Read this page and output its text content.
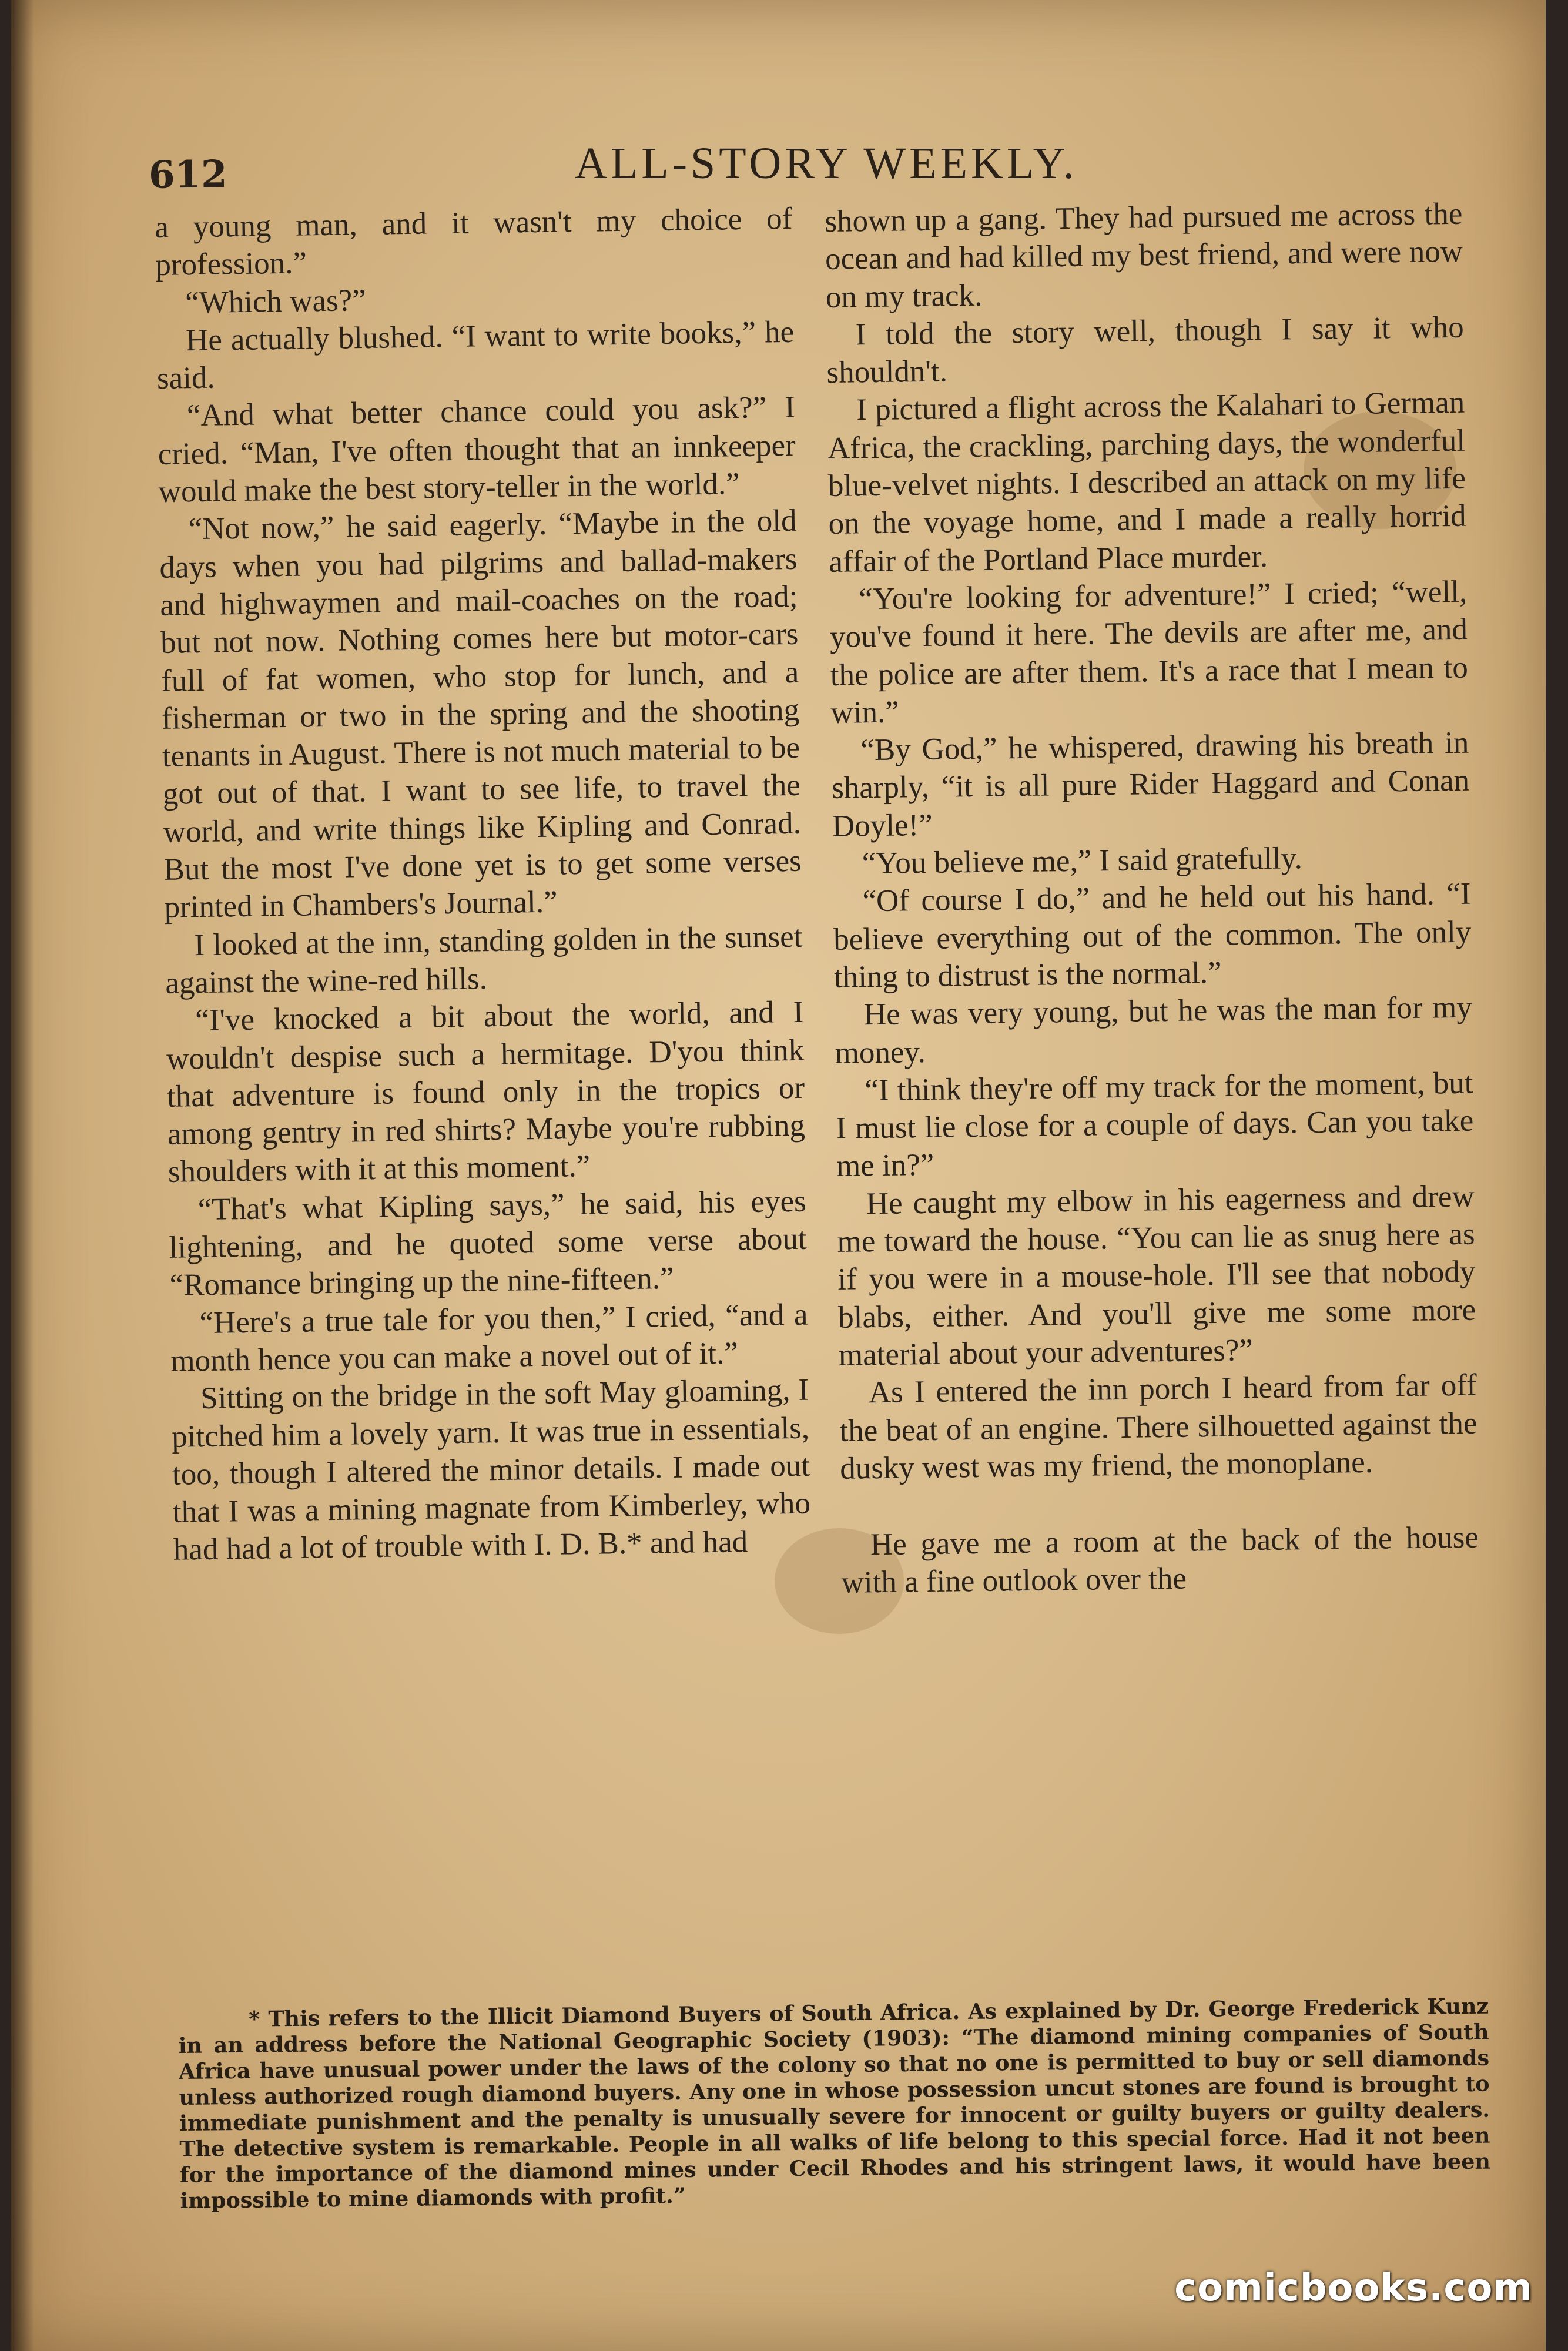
612	ALL-STORY WEEKLY.

a young man, and it wasn't my choice of profession.”

“Which was?”

He actually blushed. “I want to write books,” he said.

“And what better chance could you ask?” I cried. “Man, I've often thought that an innkeeper would make the best story-teller in the world.”

“Not now,” he said eagerly. “Maybe in the old days when you had pilgrims and ballad-makers and highwaymen and mail-coaches on the road; but not now. Nothing comes here but motor-cars full of fat women, who stop for lunch, and a fisherman or two in the spring and the shooting tenants in August. There is not much material to be got out of that. I want to see life, to travel the world, and write things like Kipling and Conrad. But the most I've done yet is to get some verses printed in Chambers's Journal.”

I looked at the inn, standing golden in the sunset against the wine-red hills.

“I've knocked a bit about the world, and I wouldn't despise such a hermitage. D'you think that adventure is found only in the tropics or among gentry in red shirts? Maybe you're rubbing shoulders with it at this moment.”

“That's what Kipling says,” he said, his eyes lightening, and he quoted some verse about “Romance bringing up the nine-fifteen.”

“Here's a true tale for you then,” I cried, “and a month hence you can make a novel out of it.”

Sitting on the bridge in the soft May gloaming, I pitched him a lovely yarn. It was true in essentials, too, though I altered the minor details. I made out that I was a mining magnate from Kimberley, who had had a lot of trouble with I. D. B.* and had

shown up a gang. They had pursued me across the ocean and had killed my best friend, and were now on my track.

I told the story well, though I say it who shouldn't.

I pictured a flight across the Kalahari to German Africa, the crackling, parching days, the wonderful blue-velvet nights. I described an attack on my life on the voyage home, and I made a really horrid affair of the Portland Place murder.

“You're looking for adventure!” I cried; “well, you've found it here. The devils are after me, and the police are after them. It's a race that I mean to win.”

“By God,” he whispered, drawing his breath in sharply, “it is all pure Rider Haggard and Conan Doyle!”

“You believe me,” I said gratefully.

“Of course I do,” and he held out his hand. “I believe everything out of the common. The only thing to distrust is the normal.”

He was very young, but he was the man for my money.

“I think they're off my track for the moment, but I must lie close for a couple of days. Can you take me in?”

He caught my elbow in his eagerness and drew me toward the house. “You can lie as snug here as if you were in a mouse-hole. I'll see that nobody blabs, either. And you'll give me some more material about your adventures?”

As I entered the inn porch I heard from far off the beat of an engine. There silhouetted against the dusky west was my friend, the monoplane.

He gave me a room at the back of the house with a fine outlook over the

* This refers to the Illicit Diamond Buyers of South Africa. As explained by Dr. George Frederick Kunz in an address before the National Geographic Society (1903): “The diamond mining companies of South Africa have unusual power under the laws of the colony so that no one is permitted to buy or sell diamonds unless authorized rough diamond buyers. Any one in whose possession uncut stones are found is brought to immediate punishment and the penalty is unusually severe for innocent or guilty buyers or guilty dealers. The detective system is remarkable. People in all walks of life belong to this special force. Had it not been for the importance of the diamond mines under Cecil Rhodes and his stringent laws, it would have been impossible to mine diamonds with profit.”
comicbooks.com
